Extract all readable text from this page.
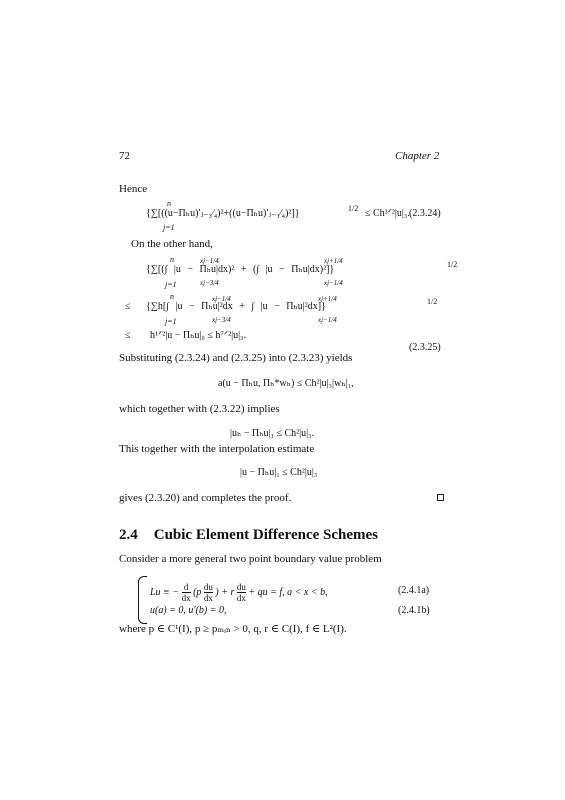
72	Chapter 2
Hence
n
{∑[((u−Πₕu)′ⱼ₋₃⁄₄)²+((u−Πₕu)′ⱼ₋₁⁄₄)²]}	1/2 ≤ Ch³ᐟ²|u|₃.
j=1
(2.3.24)
On the other hand,
n	xj−1/4	xj+1/4
{∑[(∫ |u − Πₕu|dx)² + (∫ |u − Πₕu|dx)²]}	1/2
j=1	xj−3/4	xj−1/4
n	xj−1/4	xj+1/4
≤ {∑h[∫ |u − Πₕu|²dx + ∫ |u − Πₕu|²dx]}	1/2
j=1	xj−3/4	xj−1/4
≤ h¹ᐟ²|u − Πₕu|₀ ≤ h⁷ᐟ²|u|₃.
(2.3.25)
Substituting (2.3.24) and (2.3.25) into (2.3.23) yields
a(u − Πₕu, Πₕ*wₕ) ≤ Ch²|u|₃|wₕ|₁,
which together with (2.3.22) implies
|uₕ − Πₕu|₁ ≤ Ch²|u|₃.
This together with the interpolation estimate
|u − Πₕu|₁ ≤ Ch²|u|₃
gives (2.3.20) and completes the proof.
2.4 Cubic Element Difference Schemes
Consider a more general two point boundary value problem
Lu ≡ − $\frac{d}{dx} (p \frac{du}{dx}$ ) + r $\frac{du}{dx}$ + qu = f, a < x < b,	(2.4.1a)
u(a) = 0, u′(b) = 0,	(2.4.1b)
where p ∈ C¹(I), p ≥ pₘᵢₙ > 0, q, r ∈ C(I), f ∈ L²(I).
